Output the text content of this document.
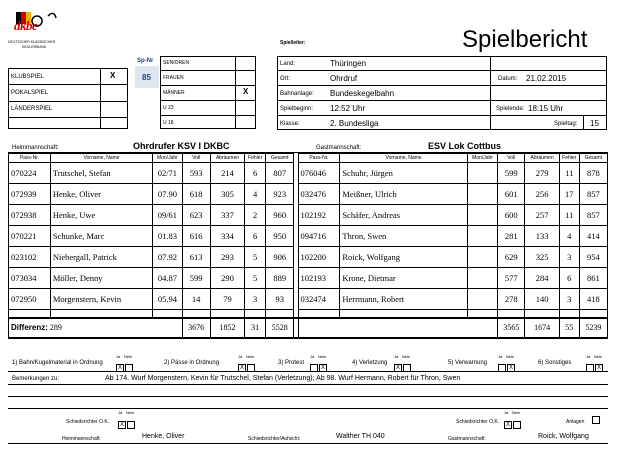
dkbc
DEUTSCHER KLASSISCHER
KEGLERBUND	Spielbericht
Spielleiter:
KLUBSPIEL	X
POKALSPIEL
LÄNDERSPIEL
Sp-Nr
85
SENIOREN
FRAUEN
MÄNNER	X
U 23
U 18
Land:	Thüringen
Ort:	Ohrdruf	Datum: 21.02.2015
Bahnanlage: Bundeskegelbahn
Spielbeginn: 12:52 Uhr	Spielende: 18:15 Uhr
Klasse:	2. Bundesliga	Spieltag: 15
Heimmannschaft:	Ohrdrufer KSV I DKBC	Gastmannschaft:	ESV Lok Cottbus
Pass-Nr.	Vorname, Name	Mon/Jahr	Voll	Abräumen	Fehler	Gesamt		Pass-Nr.	Vorname, Name	Mon/Jahr	Voll	Abräumen	Fehler	Gesamt
070224	Trutschel, Stefan	02/71	593	214	6	807		076046	Schuhr, Jürgen		599	279	11	878
072939	Henke, Oliver	07.90	618	305	4	923		032476	Meißner, Ulrich		601	256	17	857
072938	Henke, Uwe	09/61	623	337	2	960		102192	Schäfer, Andreas		600	257	11	857
070221	Schunke, Marc	01.83	616	334	6	950		094716	Thron, Swen		281	133	4	414
023102	Niebergall, Patrick	07.92	613	293	5	906		102200	Roick, Wolfgang		629	325	3	954
073034	Möller, Denny	04.87	599	290	5	889		102193	Krone, Dietmar		577	284	6	861
072950	Morgenstern, Kevin	05.94	14	79	3	93		032474	Herrmann, Robert		278	140	3	418

Differenz: 289			3676	1852	31	5528					3565	1674	55	5239
1) Bahn/Kugelmaterial in Ordnung
Ja Nein
X
2) Pässe in Ordnung
Ja Nein
X
3) Protest
Ja Nein
X
4) Verletzung
Ja Nein
X
5) Verwarnung
Ja Nein
X
6) Sonstiges
Ja Nein
X
Bemerkungen zu:	Ab 174. Wurf Morgenstern, Kevin für Trutschel, Stefan (Verletzung); Ab 98. Wurf Hermann, Robert für Thron, Swen
Schiedsrichter O.K.
Ja Nein
X	Schiedsrichter O.K.
Ja Nein
X	Anlagen
Heimmannschaft:	Henke, Oliver	Schiedsrichter/Aufsicht:	Walther TH 040	Gastmannschaft:	Roick, Wolfgang
